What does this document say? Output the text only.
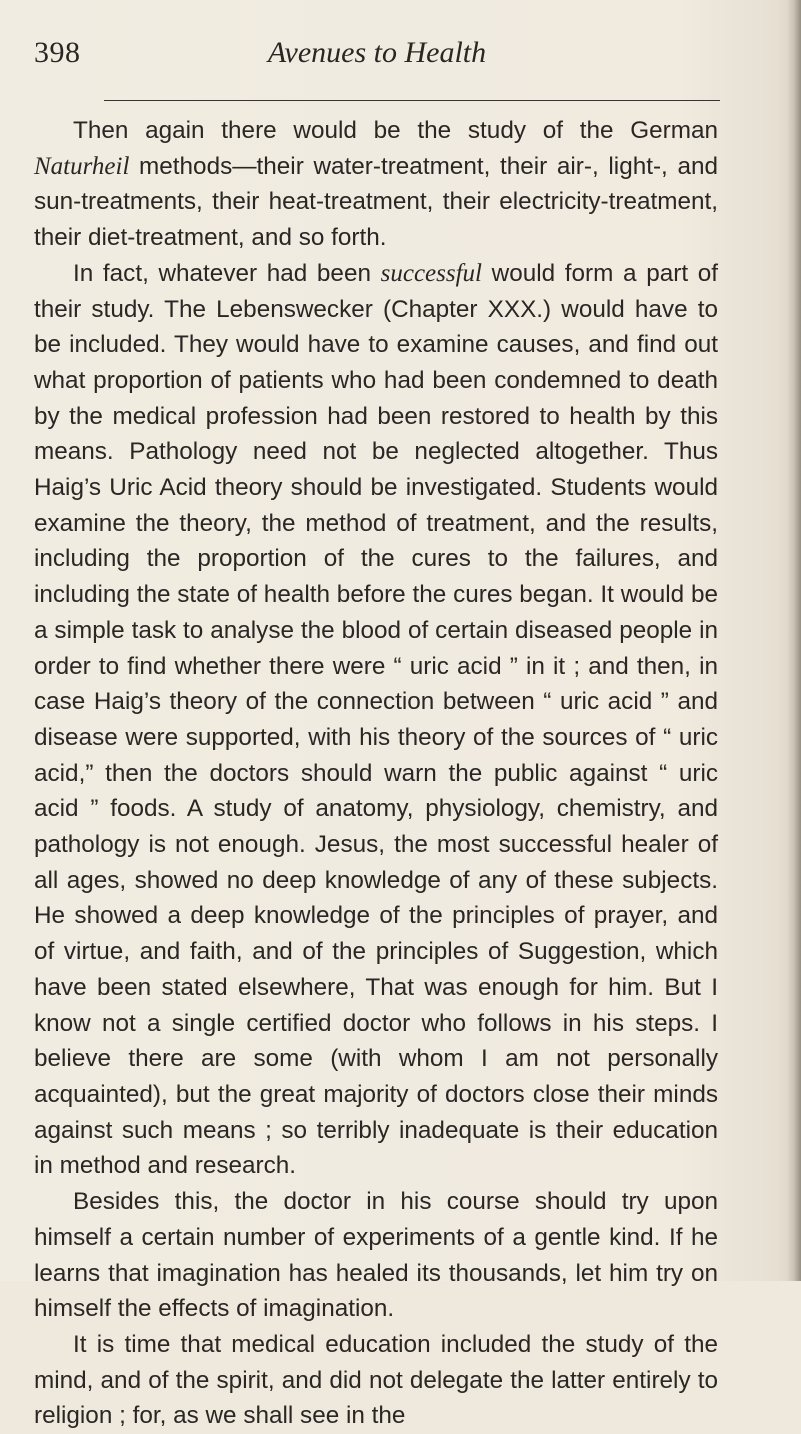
398	Avenues to Health

Then again there would be the study of the German Naturheil methods—their water-treatment, their air-, light-, and sun-treatments, their heat-treatment, their electricity-treatment, their diet-treatment, and so forth.

In fact, whatever had been successful would form a part of their study. The Lebenswecker (Chapter XXX.) would have to be included. They would have to examine causes, and find out what proportion of patients who had been condemned to death by the medical profession had been restored to health by this means. Pathology need not be neglected altogether. Thus Haig’s Uric Acid theory should be investigated. Students would examine the theory, the method of treatment, and the results, including the proportion of the cures to the failures, and including the state of health before the cures began. It would be a simple task to analyse the blood of certain diseased people in order to find whether there were “ uric acid ” in it ; and then, in case Haig’s theory of the connection between “ uric acid ” and disease were supported, with his theory of the sources of “ uric acid,” then the doctors should warn the public against “ uric acid ” foods. A study of anatomy, physiology, chemistry, and pathology is not enough. Jesus, the most successful healer of all ages, showed no deep knowledge of any of these subjects. He showed a deep knowledge of the principles of prayer, and of virtue, and faith, and of the principles of Suggestion, which have been stated elsewhere, That was enough for him. But I know not a single certified doctor who follows in his steps. I believe there are some (with whom I am not personally acquainted), but the great majority of doctors close their minds against such means ; so terribly inadequate is their education in method and research.

Besides this, the doctor in his course should try upon himself a certain number of experiments of a gentle kind. If he learns that imagination has healed its thousands, let him try on himself the effects of imagination.

It is time that medical education included the study of the mind, and of the spirit, and did not delegate the latter entirely to religion ; for, as we shall see in the
